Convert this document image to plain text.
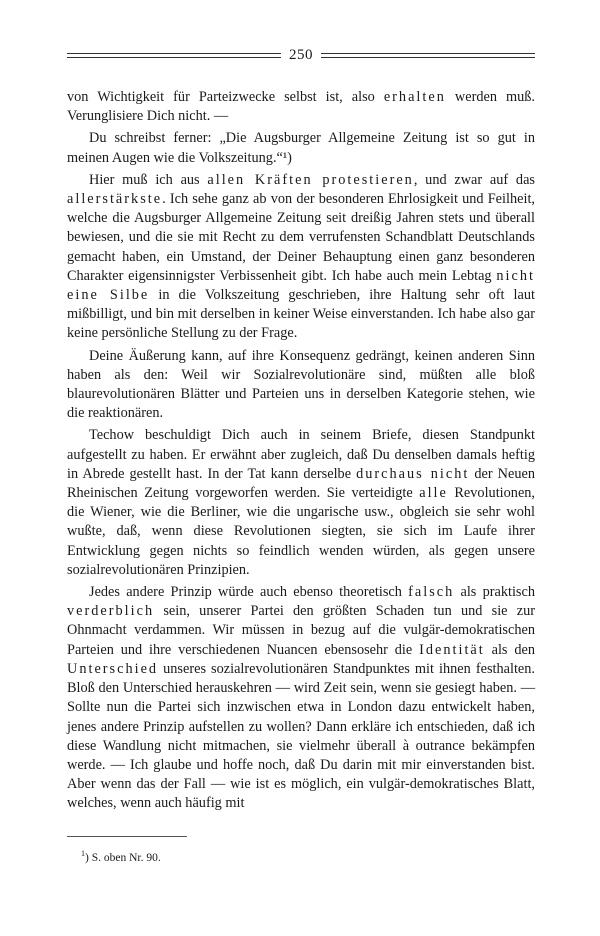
250

von Wichtigkeit für Parteizwecke selbst ist, also erhalten werden muß. Verunglisiere Dich nicht. —

Du schreibst ferner: „Die Augsburger Allgemeine Zeitung ist so gut in meinen Augen wie die Volkszeitung.“¹)

Hier muß ich aus allen Kräften protestieren, und zwar auf das allerstärkste. Ich sehe ganz ab von der besonderen Ehrlosigkeit und Feilheit, welche die Augsburger Allgemeine Zeitung seit dreißig Jahren stets und überall bewiesen, und die sie mit Recht zu dem verrufensten Schandblatt Deutschlands gemacht haben, ein Umstand, der Deiner Behauptung einen ganz besonderen Charakter eigensinnigster Verbissenheit gibt. Ich habe auch mein Lebtag nicht eine Silbe in die Volkszeitung geschrieben, ihre Haltung sehr oft laut mißbilligt, und bin mit derselben in keiner Weise einverstanden. Ich habe also gar keine persönliche Stellung zu der Frage.

Deine Äußerung kann, auf ihre Konsequenz gedrängt, keinen anderen Sinn haben als den: Weil wir Sozialrevolutionäre sind, müßten alle bloß blaurevolutionären Blätter und Parteien uns in derselben Kategorie stehen, wie die reaktionären.

Techow beschuldigt Dich auch in seinem Briefe, diesen Standpunkt aufgestellt zu haben. Er erwähnt aber zugleich, daß Du denselben damals heftig in Abrede gestellt hast. In der Tat kann derselbe durchaus nicht der Neuen Rheinischen Zeitung vorgeworfen werden. Sie verteidigte alle Revolutionen, die Wiener, wie die Berliner, wie die ungarische usw., obgleich sie sehr wohl wußte, daß, wenn diese Revolutionen siegten, sie sich im Laufe ihrer Entwicklung gegen nichts so feindlich wenden würden, als gegen unsere sozialrevolutionären Prinzipien.

Jedes andere Prinzip würde auch ebenso theoretisch falsch als praktisch verderblich sein, unserer Partei den größten Schaden tun und sie zur Ohnmacht verdammen. Wir müssen in bezug auf die vulgär-demokratischen Parteien und ihre verschiedenen Nuancen ebensosehr die Identität als den Unterschied unseres sozialrevolutionären Standpunktes mit ihnen festhalten. Bloß den Unterschied herauskehren — wird Zeit sein, wenn sie gesiegt haben. — Sollte nun die Partei sich inzwischen etwa in London dazu entwickelt haben, jenes andere Prinzip aufstellen zu wollen? Dann erkläre ich entschieden, daß ich diese Wandlung nicht mitmachen, sie vielmehr überall à outrance bekämpfen werde. — Ich glaube und hoffe noch, daß Du darin mit mir einverstanden bist. Aber wenn das der Fall — wie ist es möglich, ein vulgär-demokratisches Blatt, welches, wenn auch häufig mit

$^1$) S. oben Nr. 90.
